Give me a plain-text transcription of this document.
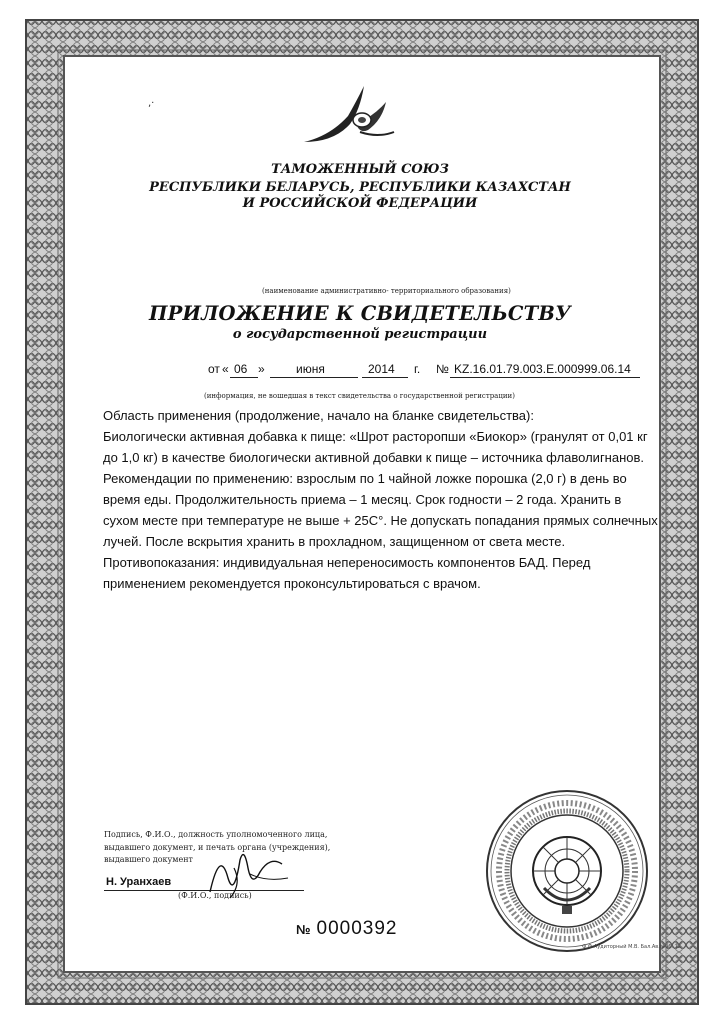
,·
ТАМОЖЕННЫЙ СОЮЗ
РЕСПУБЛИКИ БЕЛАРУСЬ, РЕСПУБЛИКИ КАЗАХСТАН
И РОССИЙСКОЙ ФЕДЕРАЦИИ
(наименование административно- территориального образования)
ПРИЛОЖЕНИЕ К СВИДЕТЕЛЬСТВУ
о государственной регистрации
от « 06 »	июня	2014 г. № KZ.16.01.79.003.E.000999.06.14
(информация, не вошедшая в текст свидетельства о государственной регистрации)

Область применения (продолжение, начало на бланке свидетельства):

Биологически активная добавка к пище: «Шрот расторопши «Биокор» (гранулят от 0,01 кг до 1,0 кг) в качестве биологически активной добавки к пище – источника флаволигнанов.

Рекомендации по применению: взрослым по 1 чайной ложке порошка (2,0 г) в день во время еды. Продолжительность приема – 1 месяц. Срок годности – 2 года. Хранить в сухом месте при температуре не выше + 25С°. Не допускать попадания прямых солнечных лучей. После вскрытия хранить в прохладном, защищенном от света месте.

Противопоказания: индивидуальная непереносимость компонентов БАД. Перед применением рекомендуется проконсультироваться с врачом.

Подпись, Ф.И.О., должность уполномоченного лица,
выдавшего документ, и печать органа (учреждения),
выдавшего документ
Н. Уранхаев
(Ф.И.О., подпись)
№ 0000392
Ф.Ф.Аудиторный М.В. Бал.Ав.№06. 12
